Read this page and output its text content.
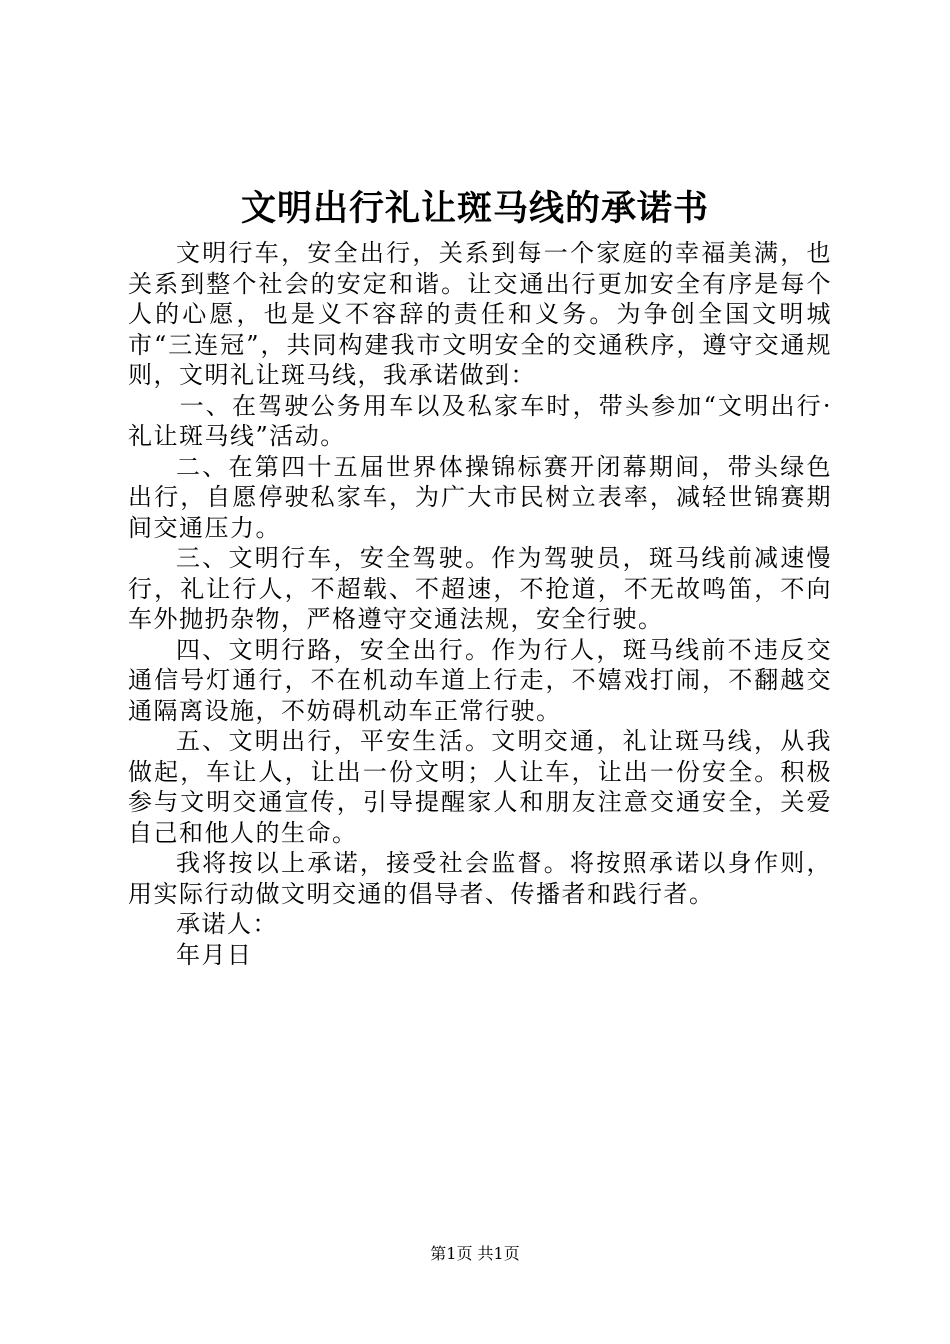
文明出行礼让斑马线的承诺书

文明行车，安全出行，关系到每一个家庭的幸福美满，也关系到整个社会的安定和谐。让交通出行更加安全有序是每个人的心愿，也是义不容辞的责任和义务。为争创全国文明城市“三连冠”，共同构建我市文明安全的交通秩序，遵守交通规则，文明礼让斑马线，我承诺做到：

一、在驾驶公务用车以及私家车时，带头参加“文明出行·礼让斑马线”活动。

二、在第四十五届世界体操锦标赛开闭幕期间，带头绿色出行，自愿停驶私家车，为广大市民树立表率，减轻世锦赛期间交通压力。

三、文明行车，安全驾驶。作为驾驶员，斑马线前减速慢行，礼让行人，不超载、不超速，不抢道，不无故鸣笛，不向车外抛扔杂物，严格遵守交通法规，安全行驶。

四、文明行路，安全出行。作为行人，斑马线前不违反交通信号灯通行，不在机动车道上行走，不嬉戏打闹，不翻越交通隔离设施，不妨碍机动车正常行驶。

五、文明出行，平安生活。文明交通，礼让斑马线，从我做起，车让人，让出一份文明；人让车，让出一份安全。积极参与文明交通宣传，引导提醒家人和朋友注意交通安全，关爱自己和他人的生命。

我将按以上承诺，接受社会监督。将按照承诺以身作则，用实际行动做文明交通的倡导者、传播者和践行者。

承诺人：
年月日

第1页 共1页
